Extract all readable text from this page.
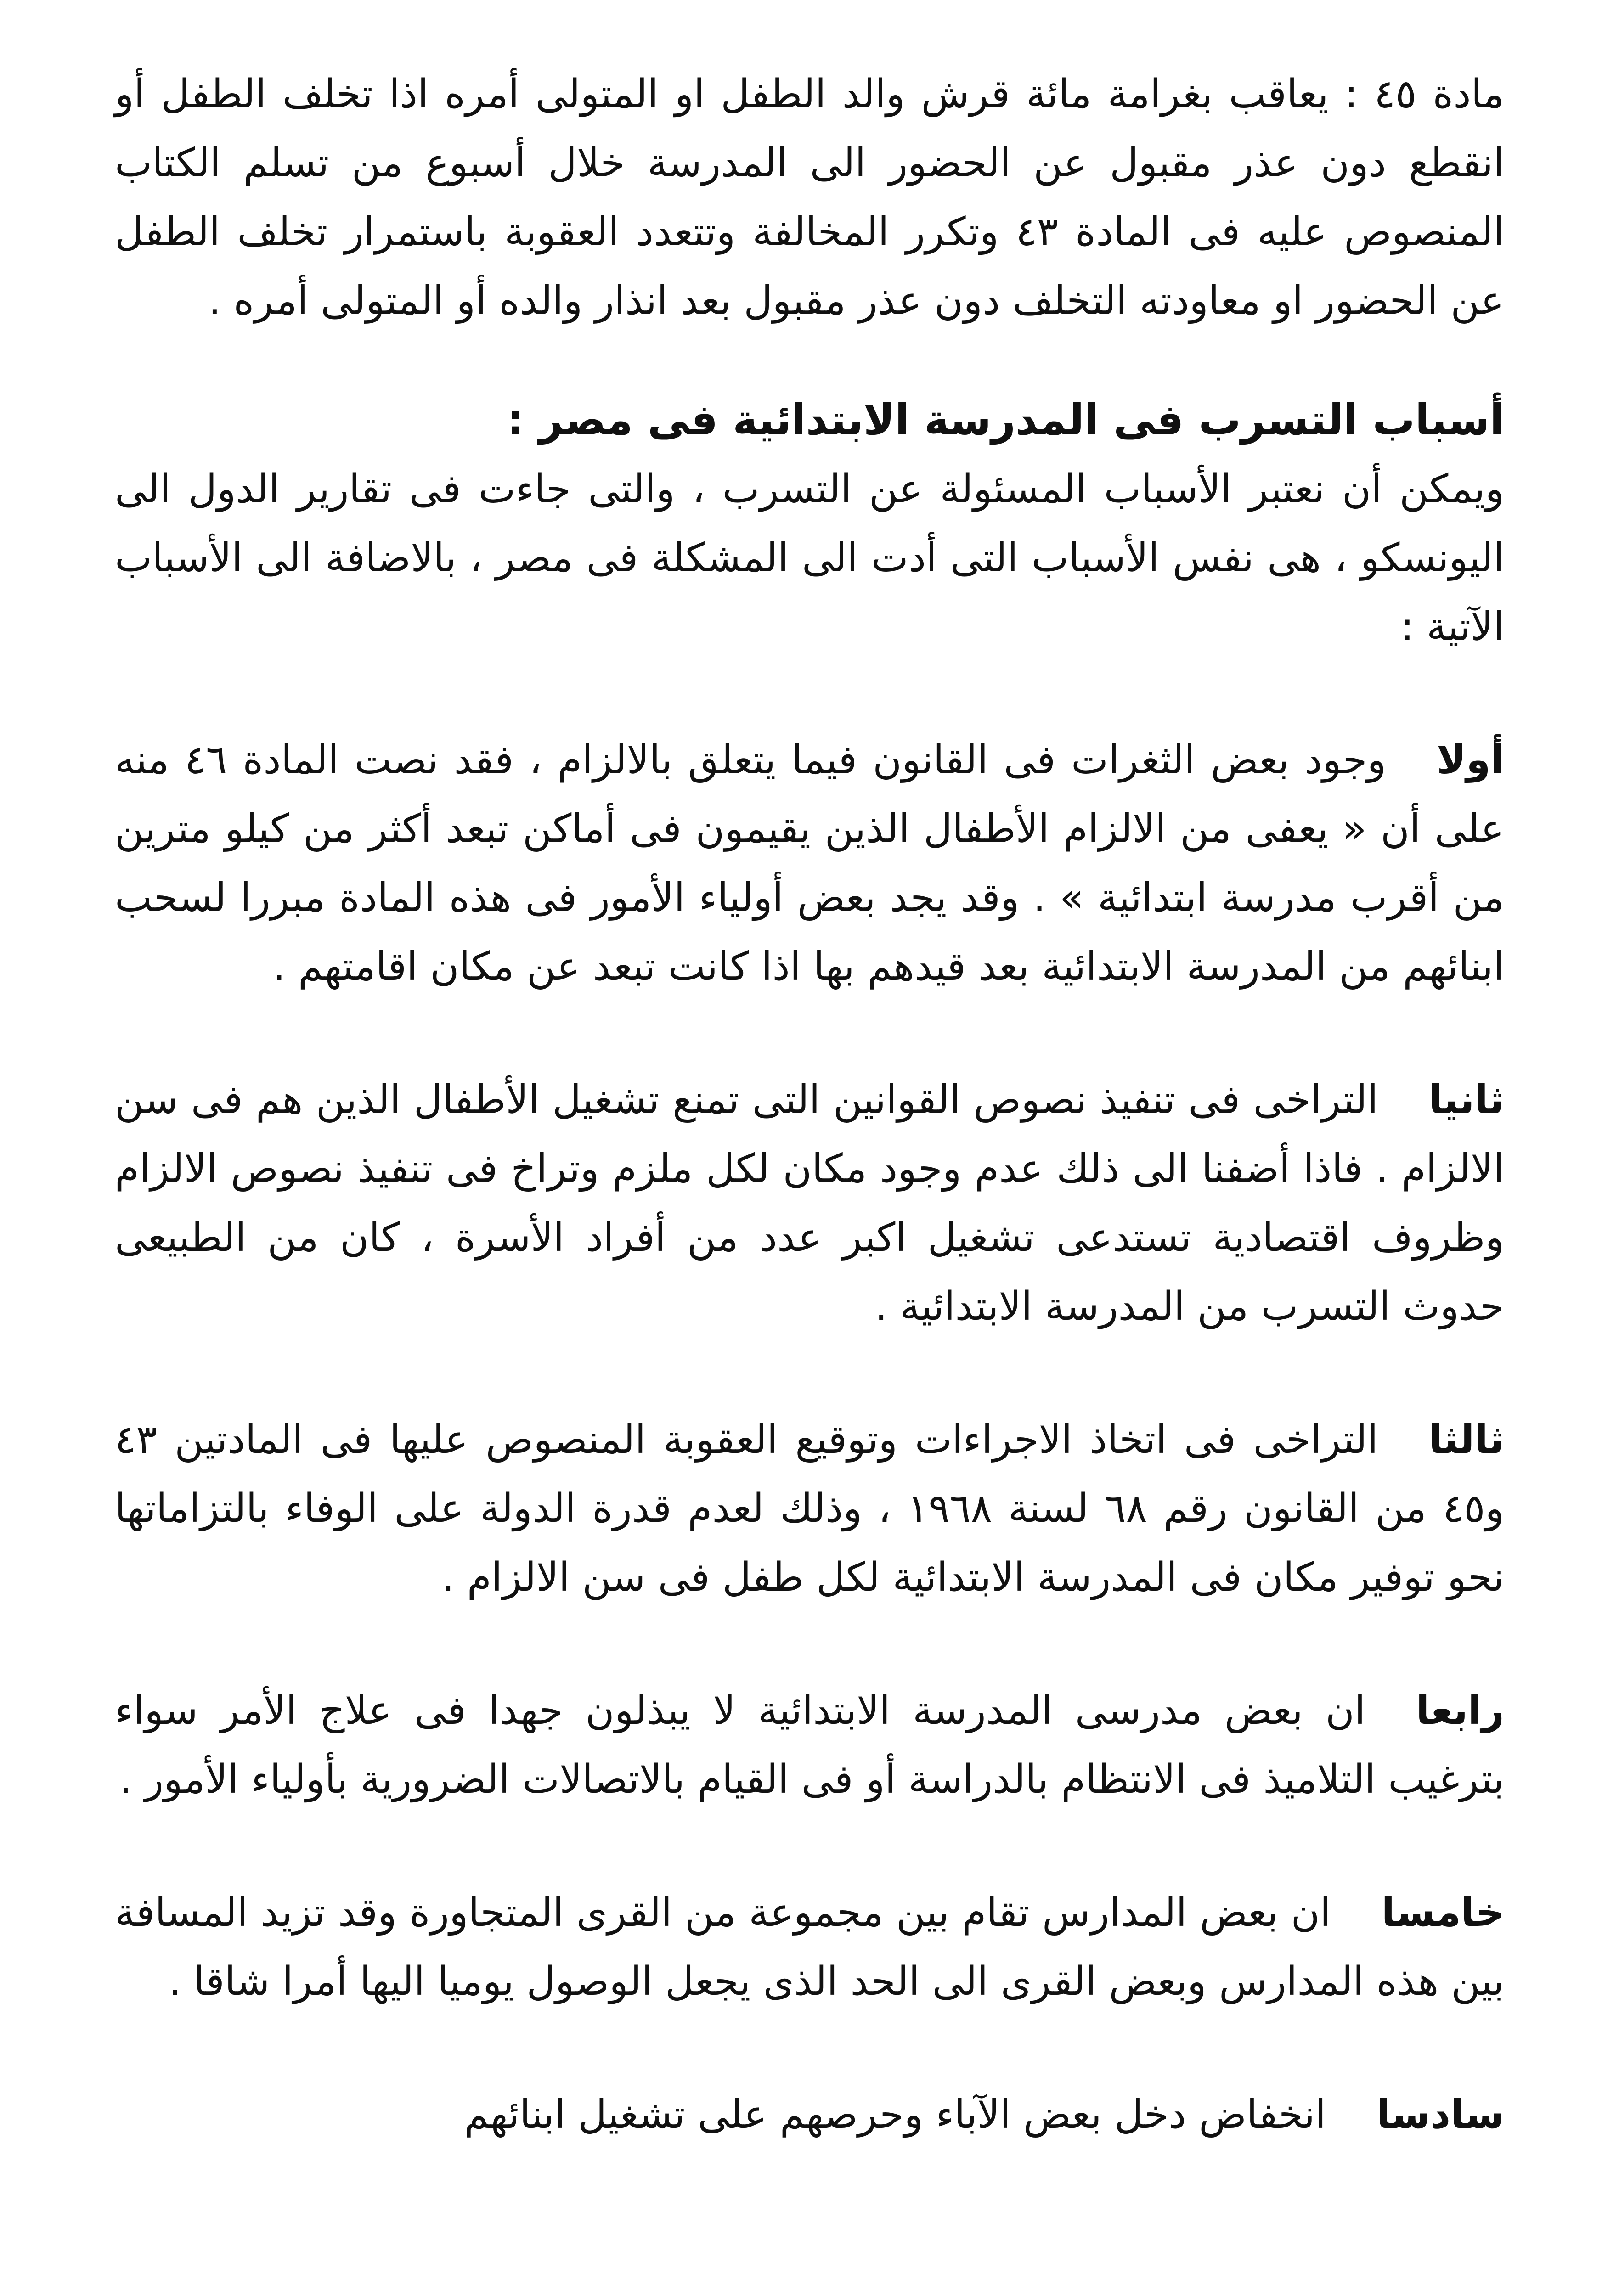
مادة ٤٥ : يعاقب بغرامة مائة قرش والد الطفل او المتولى أمره اذا تخلف الطفل أو انقطع دون عذر مقبول عن الحضور الى المدرسة خلال أسبوع من تسلم الكتاب المنصوص عليه فى المادة ٤٣ وتكرر المخالفة وتتعدد العقوبة باستمرار تخلف الطفل عن الحضور او معاودته التخلف دون عذر مقبول بعد انذار والده أو المتولى أمره .

أسباب التسرب فى المدرسة الابتدائية فى مصر :

ويمكن أن نعتبر الأسباب المسئولة عن التسرب ، والتى جاءت فى تقارير الدول الى اليونسكو ، هى نفس الأسباب التى أدت الى المشكلة فى مصر ، بالاضافة الى الأسباب الآتية :

أولاوجود بعض الثغرات فى القانون فيما يتعلق بالالزام ، فقد نصت المادة ٤٦ منه على أن « يعفى من الالزام الأطفال الذين يقيمون فى أماكن تبعد أكثر من كيلو مترين من أقرب مدرسة ابتدائية » . وقد يجد بعض أولياء الأمور فى هذه المادة مبررا لسحب ابنائهم من المدرسة الابتدائية بعد قيدهم بها اذا كانت تبعد عن مكان اقامتهم .

ثانياالتراخى فى تنفيذ نصوص القوانين التى تمنع تشغيل الأطفال الذين هم فى سن الالزام . فاذا أضفنا الى ذلك عدم وجود مكان لكل ملزم وتراخ فى تنفيذ نصوص الالزام وظروف اقتصادية تستدعى تشغيل اكبر عدد من أفراد الأسرة ، كان من الطبيعى حدوث التسرب من المدرسة الابتدائية .

ثالثاالتراخى فى اتخاذ الاجراءات وتوقيع العقوبة المنصوص عليها فى المادتين ٤٣ و٤٥ من القانون رقم ٦٨ لسنة ١٩٦٨ ، وذلك لعدم قدرة الدولة على الوفاء بالتزاماتها نحو توفير مكان فى المدرسة الابتدائية لكل طفل فى سن الالزام .

رابعاان بعض مدرسى المدرسة الابتدائية لا يبذلون جهدا فى علاج الأمر سواء بترغيب التلاميذ فى الانتظام بالدراسة أو فى القيام بالاتصالات الضرورية بأولياء الأمور .

خامساان بعض المدارس تقام بين مجموعة من القرى المتجاورة وقد تزيد المسافة بين هذه المدارس وبعض القرى الى الحد الذى يجعل الوصول يوميا اليها أمرا شاقا .

سادساانخفاض دخل بعض الآباء وحرصهم على تشغيل ابنائهم
